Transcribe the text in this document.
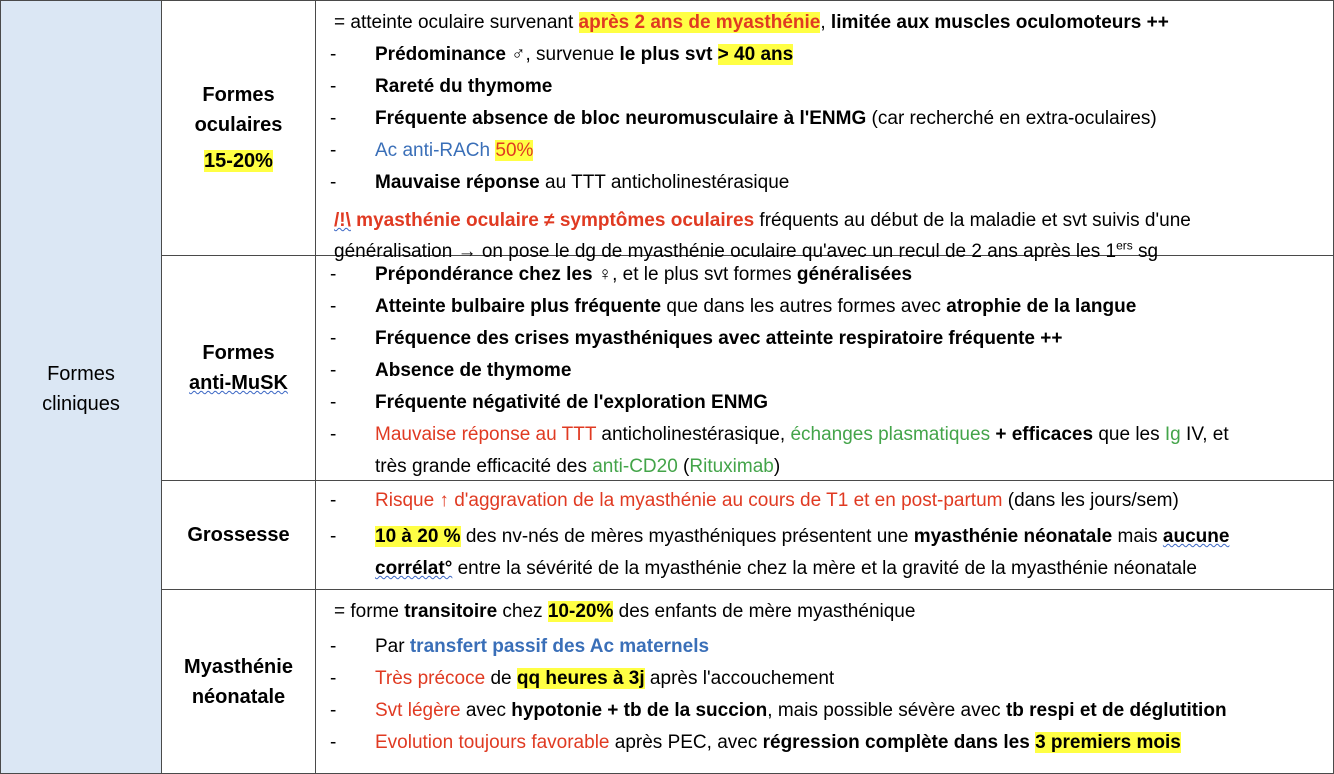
Formes
cliniques
Formes
oculaires
15-20%
= atteinte oculaire survenant après 2 ans de myasthénie, limitée aux muscles oculomoteurs ++
- Prédominance ♂, survenue le plus svt > 40 ans
- Rareté du thymome
- Fréquente absence de bloc neuromusculaire à l'ENMG (car recherché en extra-oculaires)
- Ac anti-RACh 50%
- Mauvaise réponse au TTT anticholinestérasique
/!\ myasthénie oculaire ≠ symptômes oculaires fréquents au début de la maladie et svt suivis d'une
généralisation → on pose le dg de myasthénie oculaire qu'avec un recul de 2 ans après les 1ers sg
Formes
anti-MuSK
- Prépondérance chez les ♀, et le plus svt formes généralisées
- Atteinte bulbaire plus fréquente que dans les autres formes avec atrophie de la langue
- Fréquence des crises myasthéniques avec atteinte respiratoire fréquente ++
- Absence de thymome
- Fréquente négativité de l'exploration ENMG
- Mauvaise réponse au TTT anticholinestérasique, échanges plasmatiques + efficaces que les Ig IV, et
très grande efficacité des anti-CD20 (Rituximab)
Grossesse
- Risque ↑ d'aggravation de la myasthénie au cours de T1 et en post-partum (dans les jours/sem)
- 10 à 20 % des nv-nés de mères myasthéniques présentent une myasthénie néonatale mais aucune
corrélat° entre la sévérité de la myasthénie chez la mère et la gravité de la myasthénie néonatale
Myasthénie
néonatale
= forme transitoire chez 10-20% des enfants de mère myasthénique
- Par transfert passif des Ac maternels
- Très précoce de qq heures à 3j après l'accouchement
- Svt légère avec hypotonie + tb de la succion, mais possible sévère avec tb respi et de déglutition
- Evolution toujours favorable après PEC, avec régression complète dans les 3 premiers mois
